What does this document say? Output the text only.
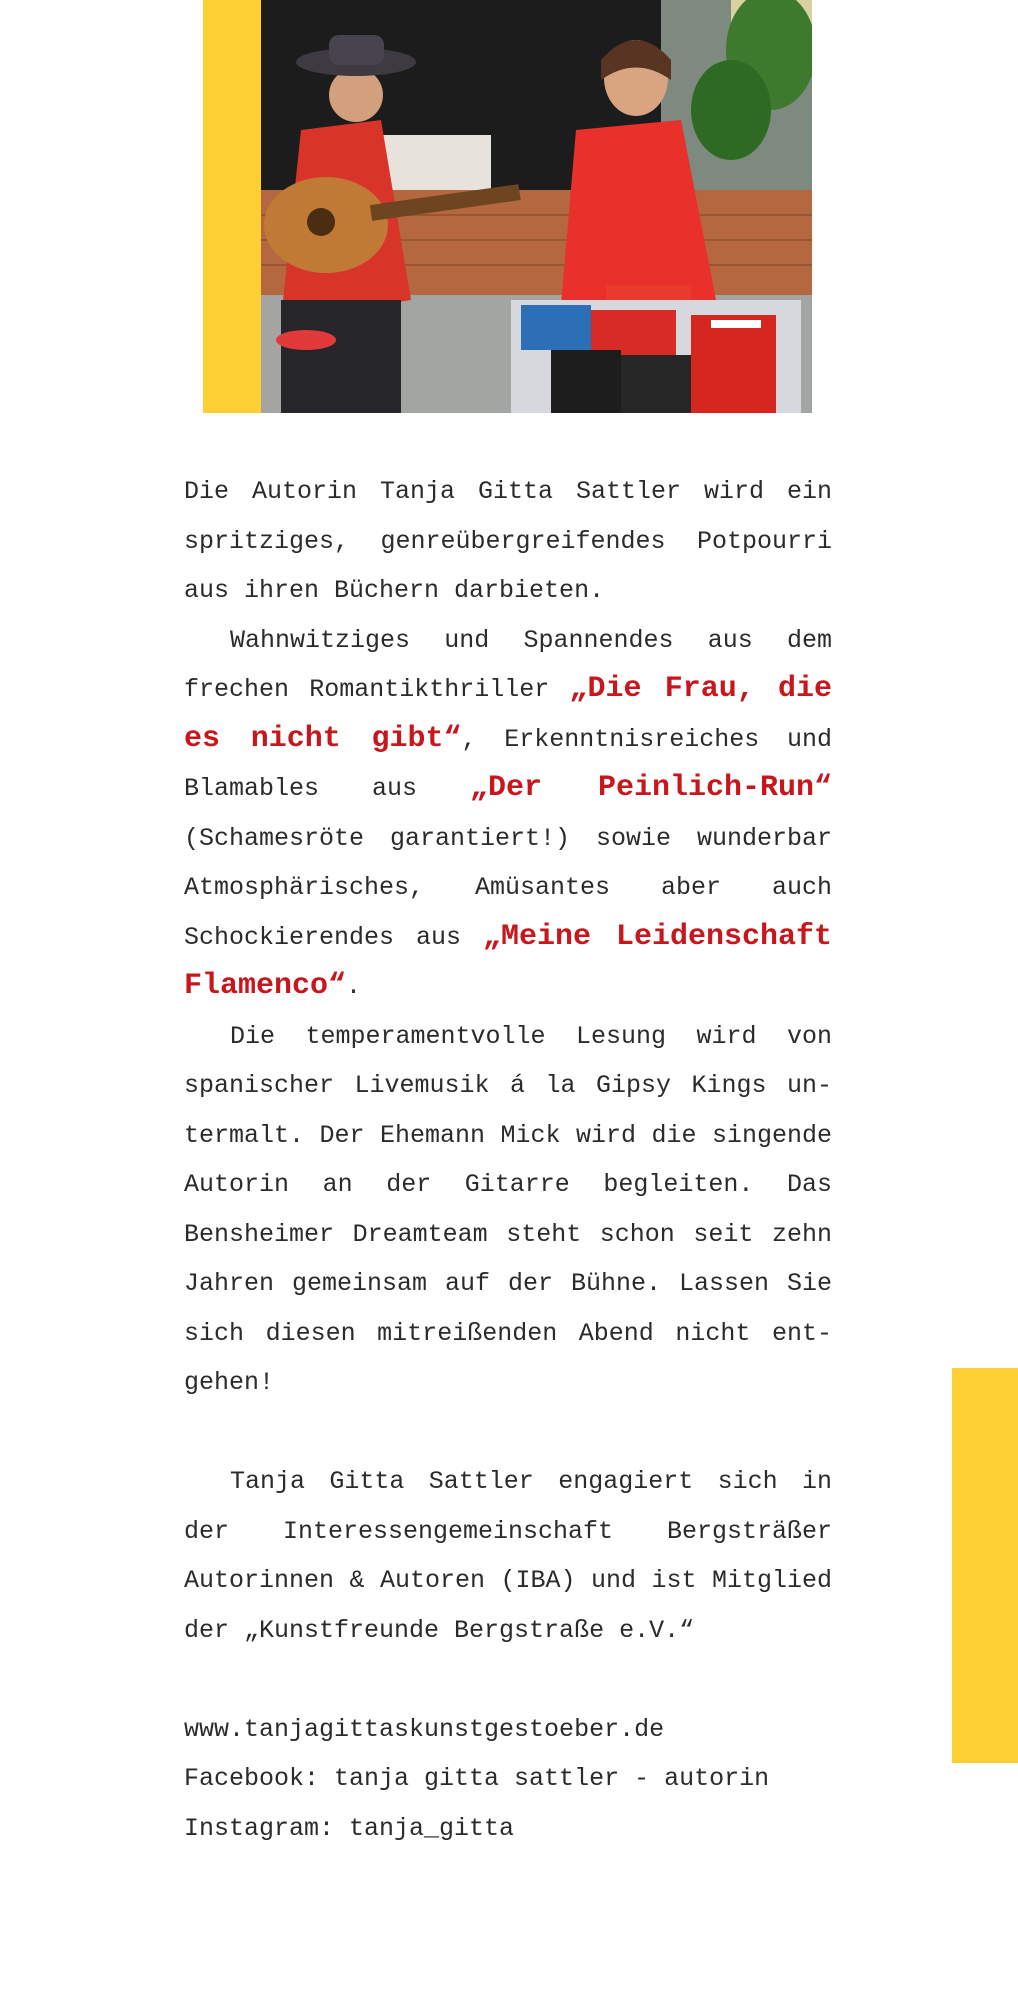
Die Autorin Tanja Gitta Sattler wird ein spritziges, genreübergreifendes Potpourri aus ihren Büchern darbieten.

Wahnwitziges und Spannendes aus dem frechen Romantikthriller „Die Frau, die es nicht gibt“, Erkenntnisreiches und Blamables aus „Der Peinlich-Run“ (Schamesröte garantiert!) sowie wunderbar Atmosphärisches, Amüsantes aber auch Schockierendes aus „Meine Leidenschaft Flamenco“.

Die temperamentvolle Lesung wird von spanischer Livemusik á la Gipsy Kings untermalt. Der Ehemann Mick wird die singende Autorin an der Gitarre begleiten. Das Bensheimer Dreamteam steht schon seit zehn Jahren gemeinsam auf der Bühne. Lassen Sie sich diesen mitreißenden Abend nicht entgehen!

Tanja Gitta Sattler engagiert sich in der Interessengemeinschaft Bergsträßer Autorinnen & Autoren (IBA) und ist Mitglied der „Kunstfreunde Bergstraße e.V.“

www.tanjagittaskunstgestoeber.de

Facebook: tanja gitta sattler - autorin

Instagram: tanja_gitta
